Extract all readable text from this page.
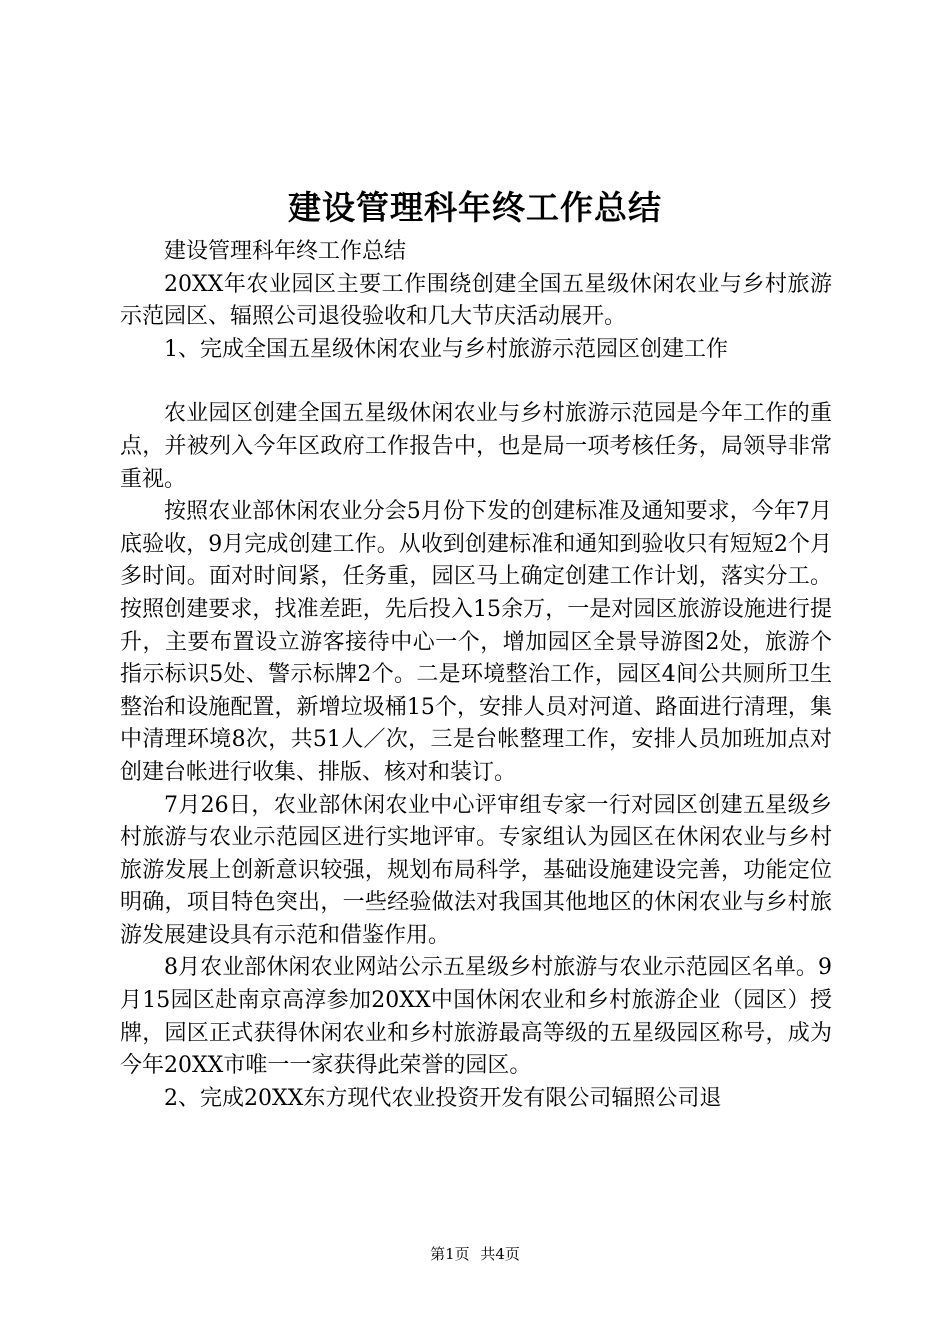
建设管理科年终工作总结

建设管理科年终工作总结

20XX年农业园区主要工作围绕创建全国五星级休闲农业与乡村旅游示范园区、辐照公司退役验收和几大节庆活动展开。

1、完成全国五星级休闲农业与乡村旅游示范园区创建工作

农业园区创建全国五星级休闲农业与乡村旅游示范园是今年工作的重点，并被列入今年区政府工作报告中，也是局一项考核任务，局领导非常重视。

按照农业部休闲农业分会5月份下发的创建标准及通知要求，今年7月底验收，9月完成创建工作。从收到创建标准和通知到验收只有短短2个月多时间。面对时间紧，任务重，园区马上确定创建工作计划，落实分工。按照创建要求，找准差距，先后投入15余万，一是对园区旅游设施进行提升，主要布置设立游客接待中心一个，增加园区全景导游图2处，旅游个指示标识5处、警示标牌2个。二是环境整治工作，园区4间公共厕所卫生整治和设施配置，新增垃圾桶15个，安排人员对河道、路面进行清理，集中清理环境8次，共51人／次，三是台帐整理工作，安排人员加班加点对创建台帐进行收集、排版、核对和装订。

7月26日，农业部休闲农业中心评审组专家一行对园区创建五星级乡村旅游与农业示范园区进行实地评审。专家组认为园区在休闲农业与乡村旅游发展上创新意识较强，规划布局科学，基础设施建设完善，功能定位明确，项目特色突出，一些经验做法对我国其他地区的休闲农业与乡村旅游发展建设具有示范和借鉴作用。

8月农业部休闲农业网站公示五星级乡村旅游与农业示范园区名单。9月15园区赴南京高淳参加20XX中国休闲农业和乡村旅游企业（园区）授牌，园区正式获得休闲农业和乡村旅游最高等级的五星级园区称号，成为今年20XX市唯一一家获得此荣誉的园区。

2、完成20XX东方现代农业投资开发有限公司辐照公司退

第1页 共4页
